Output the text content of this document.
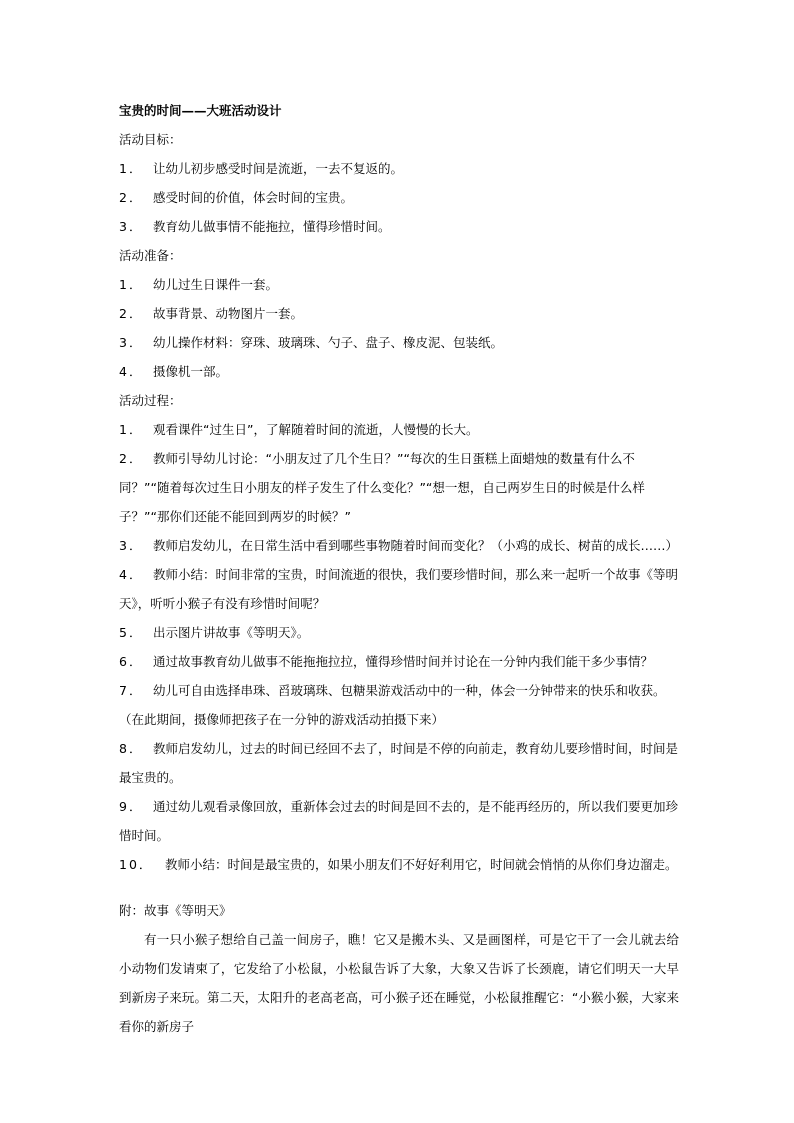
宝贵的时间——大班活动设计

活动目标：

1． 让幼儿初步感受时间是流逝，一去不复返的。
2． 感受时间的价值，体会时间的宝贵。
3． 教育幼儿做事情不能拖拉，懂得珍惜时间。

活动准备：

1． 幼儿过生日课件一套。
2． 故事背景、动物图片一套。
3． 幼儿操作材料：穿珠、玻璃珠、勺子、盘子、橡皮泥、包装纸。
4． 摄像机一部。

活动过程：

1． 观看课件“过生日”，了解随着时间的流逝，人慢慢的长大。
2． 教师引导幼儿讨论：“小朋友过了几个生日？”“每次的生日蛋糕上面蜡烛的数量有什么不同？”“随着每次过生日小朋友的样子发生了什么变化？”“想一想，自己两岁生日的时候是什么样子？”“那你们还能不能回到两岁的时候？”
3． 教师启发幼儿，在日常生活中看到哪些事物随着时间而变化？（小鸡的成长、树苗的成长……）
4． 教师小结：时间非常的宝贵，时间流逝的很快，我们要珍惜时间，那么来一起听一个故事《等明天》，听听小猴子有没有珍惜时间呢？
5． 出示图片讲故事《等明天》。
6． 通过故事教育幼儿做事不能拖拖拉拉，懂得珍惜时间并讨论在一分钟内我们能干多少事情？
7． 幼儿可自由选择串珠、舀玻璃珠、包糖果游戏活动中的一种，体会一分钟带来的快乐和收获。（在此期间，摄像师把孩子在一分钟的游戏活动拍摄下来）
8． 教师启发幼儿，过去的时间已经回不去了，时间是不停的向前走，教育幼儿要珍惜时间，时间是最宝贵的。
9． 通过幼儿观看录像回放，重新体会过去的时间是回不去的，是不能再经历的，所以我们要更加珍惜时间。
10． 教师小结：时间是最宝贵的，如果小朋友们不好好利用它，时间就会悄悄的从你们身边溜走。

附：故事《等明天》

有一只小猴子想给自己盖一间房子，瞧！它又是搬木头、又是画图样，可是它干了一会儿就去给小动物们发请柬了，它发给了小松鼠，小松鼠告诉了大象，大象又告诉了长颈鹿，请它们明天一大早到新房子来玩。第二天，太阳升的老高老高，可小猴子还在睡觉，小松鼠推醒它：“小猴小猴，大家来看你的新房子
